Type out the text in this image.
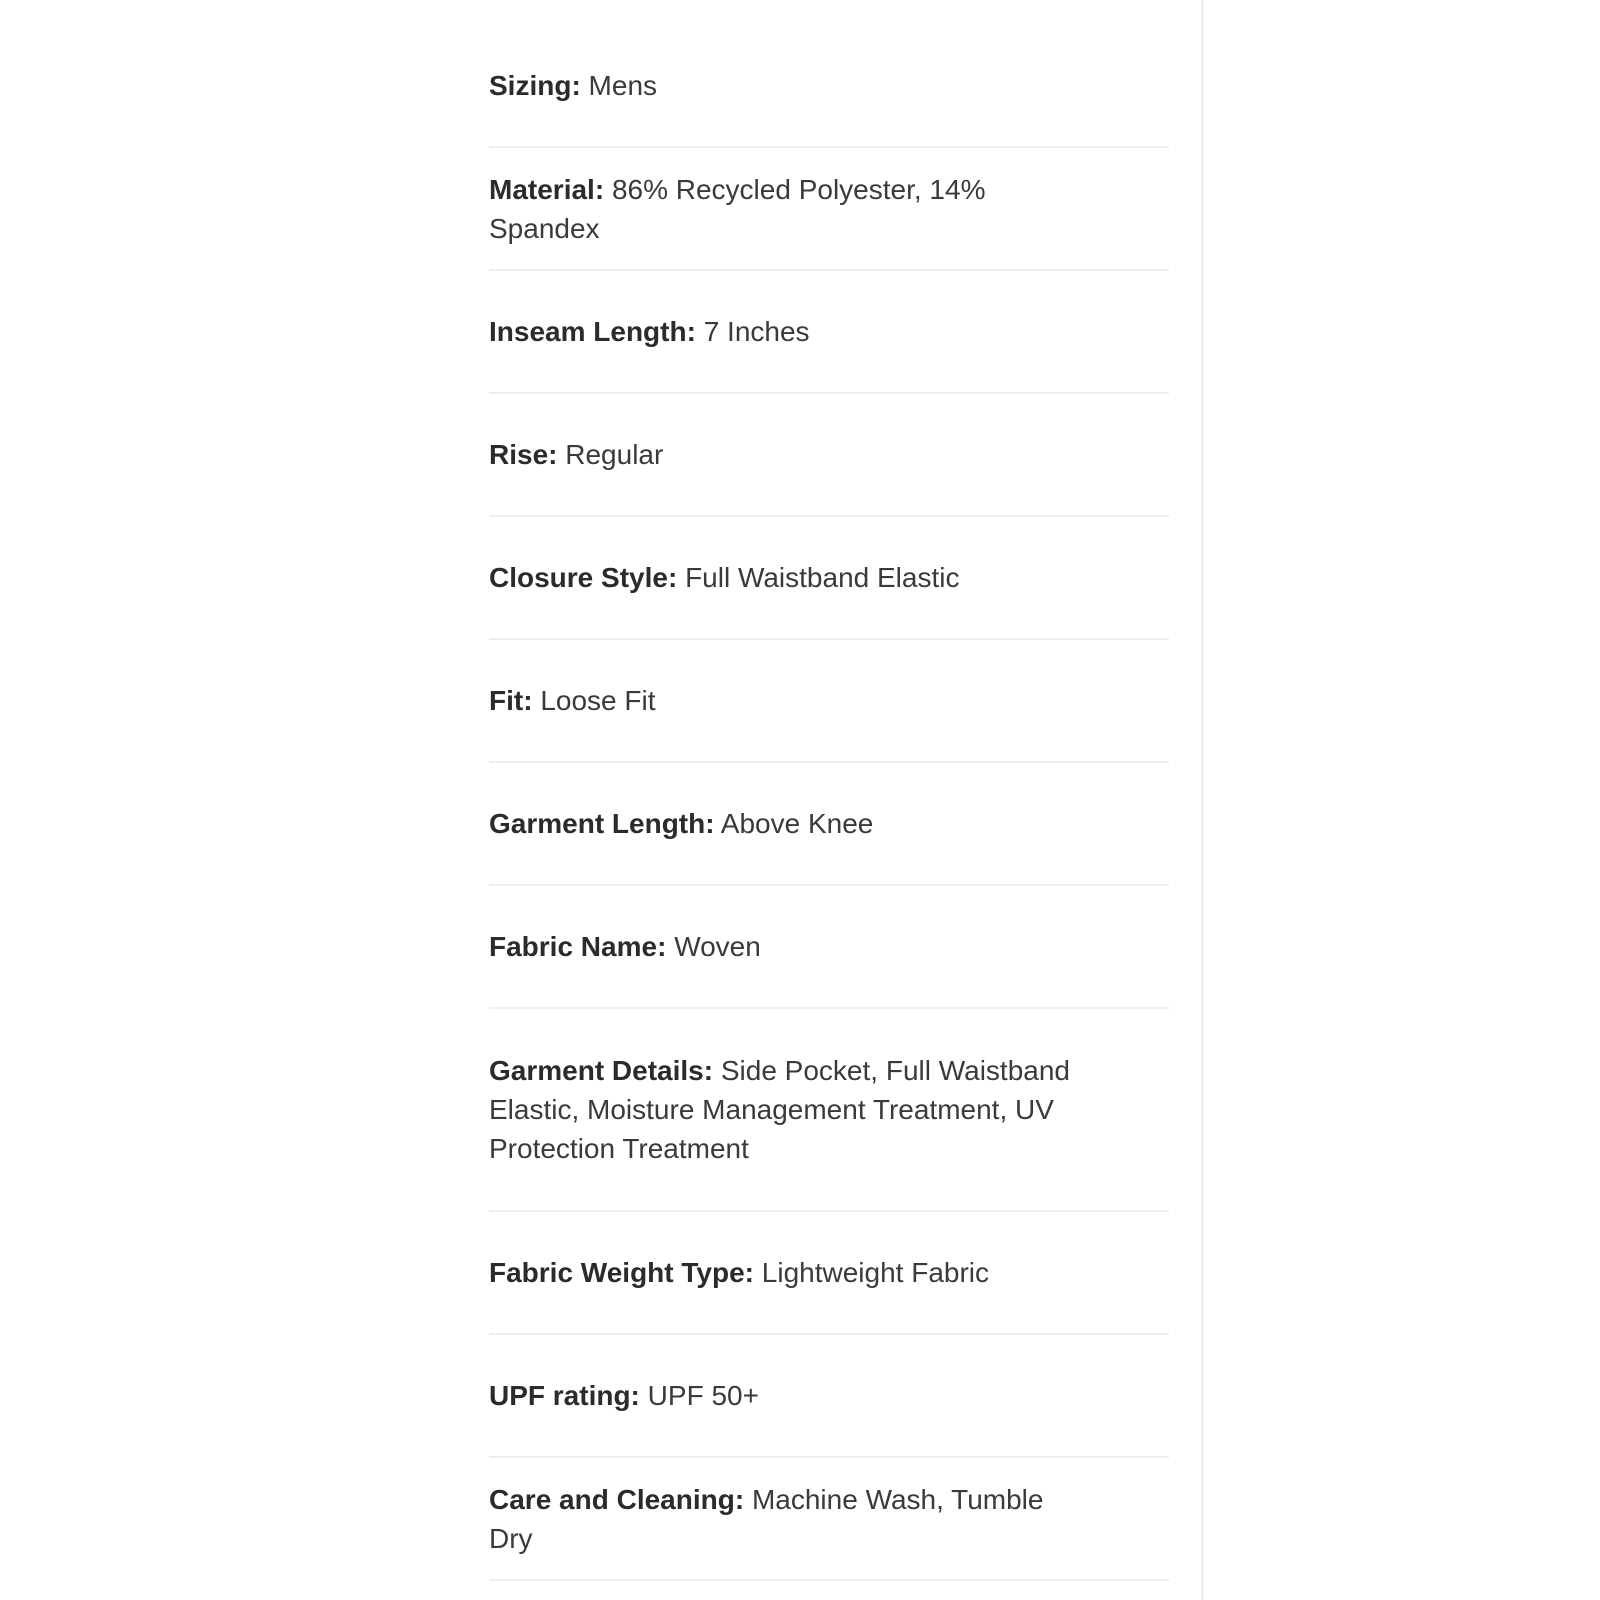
Sizing: Mens
Material: 86% Recycled Polyester, 14% Spandex
Inseam Length: 7 Inches
Rise: Regular
Closure Style: Full Waistband Elastic
Fit: Loose Fit
Garment Length: Above Knee
Fabric Name: Woven
Garment Details: Side Pocket, Full Waistband Elastic, Moisture Management Treatment, UV Protection Treatment
Fabric Weight Type: Lightweight Fabric
UPF rating: UPF 50+
Care and Cleaning: Machine Wash, Tumble Dry
